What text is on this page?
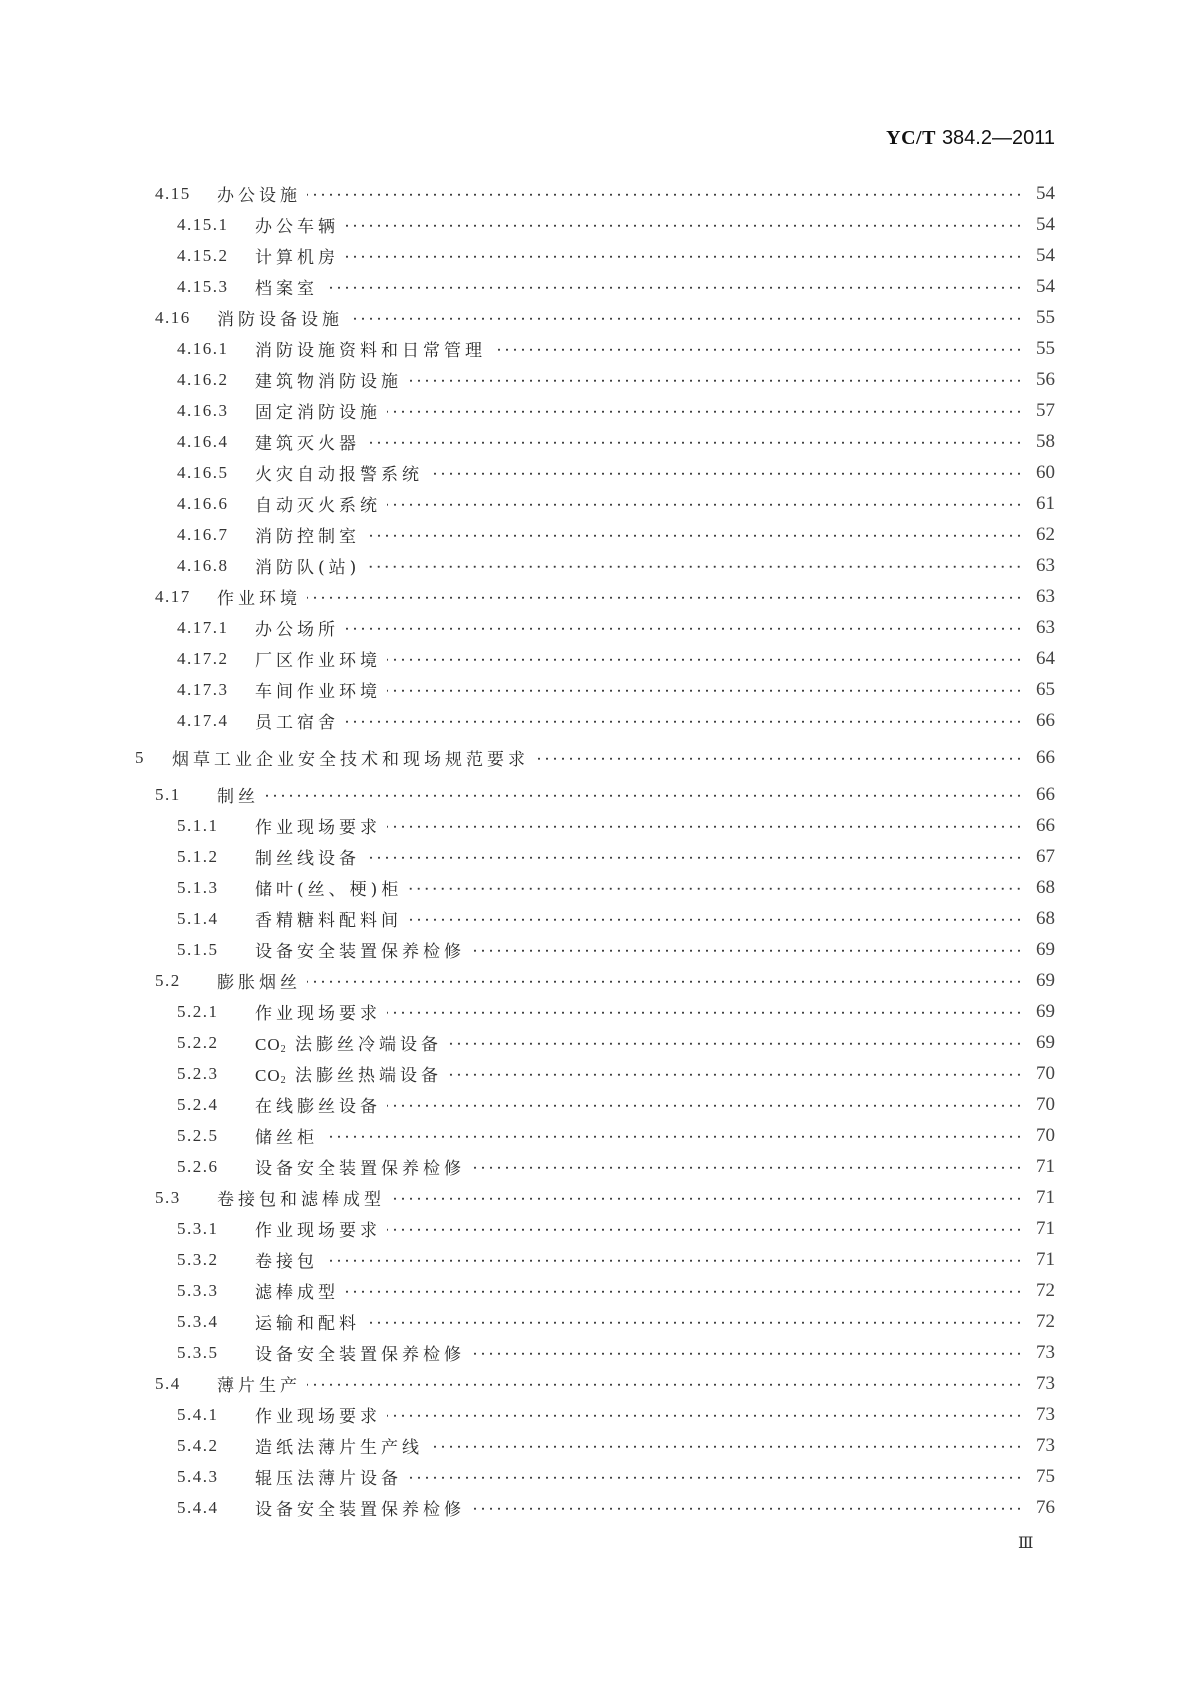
YC/T 384.2—2011
4.15 办公设施	54
4.15.1 办公车辆	54
4.15.2 计算机房	54
4.15.3 档案室	54
4.16 消防设备设施	55
4.16.1 消防设施资料和日常管理	55
4.16.2 建筑物消防设施	56
4.16.3 固定消防设施	57
4.16.4 建筑灭火器	58
4.16.5 火灾自动报警系统	60
4.16.6 自动灭火系统	61
4.16.7 消防控制室	62
4.16.8 消防队(站)	63
4.17 作业环境	63
4.17.1 办公场所	63
4.17.2 厂区作业环境	64
4.17.3 车间作业环境	65
4.17.4 员工宿舍	66
5 烟草工业企业安全技术和现场规范要求	66
5.1 制丝	66
5.1.1 作业现场要求	66
5.1.2 制丝线设备	67
5.1.3 储叶(丝、梗)柜	68
5.1.4 香精糖料配料间	68
5.1.5 设备安全装置保养检修	69
5.2 膨胀烟丝	69
5.2.1 作业现场要求	69
5.2.2 $CO_2$ 法膨丝冷端设备	69
5.2.3 $CO_2$ 法膨丝热端设备	70
5.2.4 在线膨丝设备	70
5.2.5 储丝柜	70
5.2.6 设备安全装置保养检修	71
5.3 卷接包和滤棒成型	71
5.3.1 作业现场要求	71
5.3.2 卷接包	71
5.3.3 滤棒成型	72
5.3.4 运输和配料	72
5.3.5 设备安全装置保养检修	73
5.4 薄片生产	73
5.4.1 作业现场要求	73
5.4.2 造纸法薄片生产线	73
5.4.3 辊压法薄片设备	75
5.4.4 设备安全装置保养检修	76
Ⅲ
